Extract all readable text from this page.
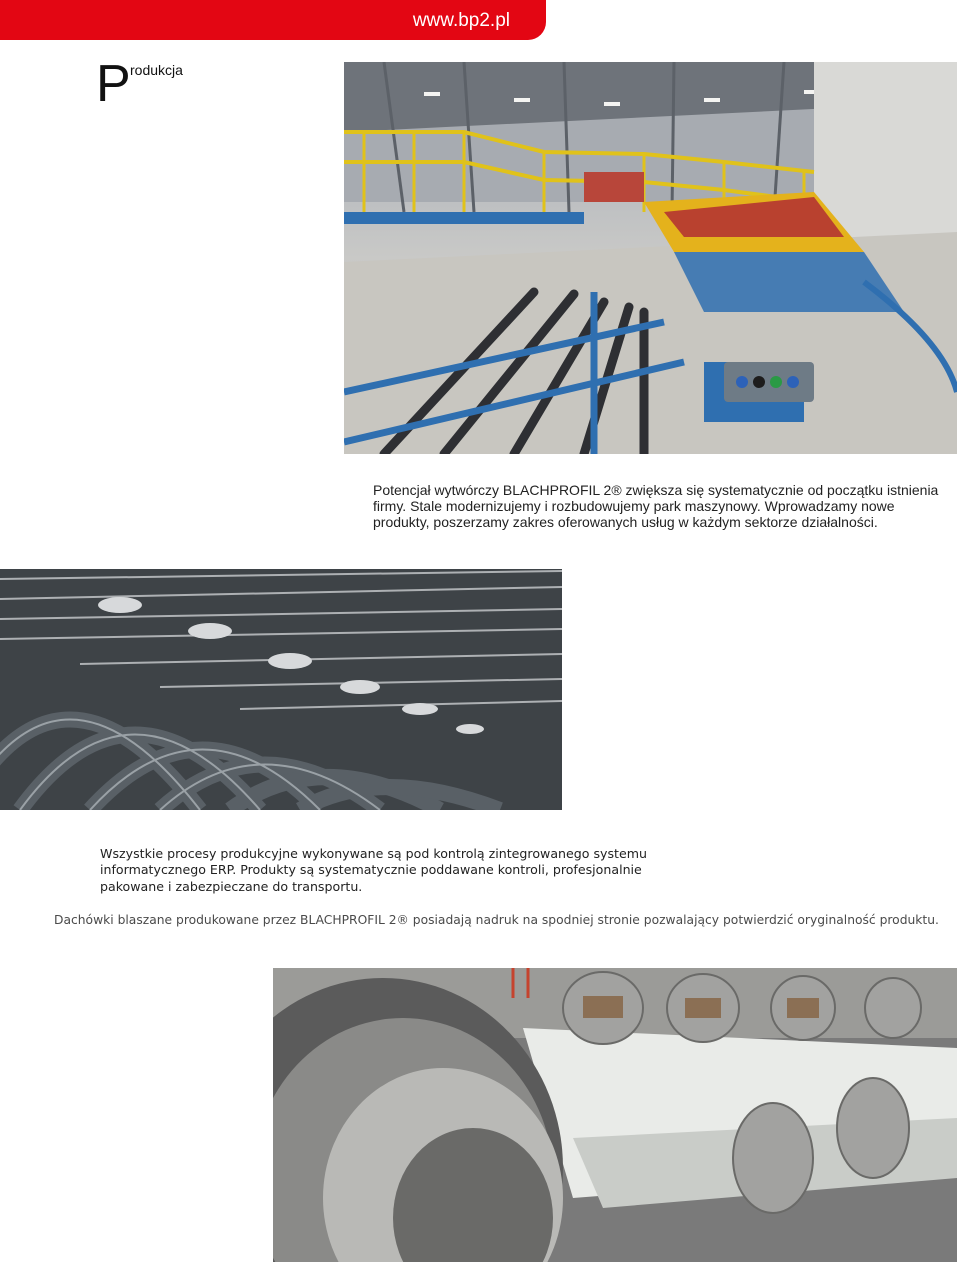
www.bp2.pl
P rodukcja
Potencjał wytwórczy BLACHPROFIL 2® zwiększa się systematycznie od początku istnienia
firmy. Stale modernizujemy i rozbudowujemy park maszynowy. Wprowadzamy nowe
produkty, poszerzamy zakres oferowanych usług w każdym sektorze działalności.
Wszystkie procesy produkcyjne wykonywane są pod kontrolą zintegrowanego systemu
informatycznego ERP. Produkty są systematycznie poddawane kontroli, profesjonalnie
pakowane i zabezpieczane do transportu.
Dachówki blaszane produkowane przez BLACHPROFIL 2® posiadają nadruk na spodniej stronie pozwalający potwierdzić oryginalność produktu.
